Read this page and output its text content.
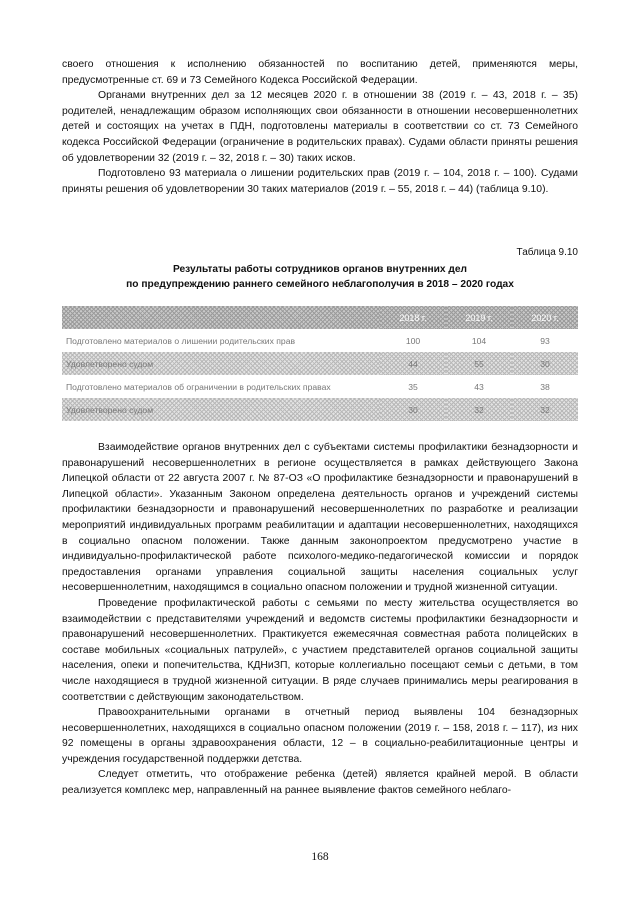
своего отношения к исполнению обязанностей по воспитанию детей, применяются меры, предусмотренные ст. 69 и 73 Семейного Кодекса Российской Федерации.

Органами внутренних дел за 12 месяцев 2020 г. в отношении 38 (2019 г. – 43, 2018 г. – 35) родителей, ненадлежащим образом исполняющих свои обязанности в отношении несовершеннолетних детей и состоящих на учетах в ПДН, подготовлены материалы в соответствии со ст. 73 Семейного кодекса Российской Федерации (ограничение в родительских правах). Судами области приняты решения об удовлетворении 32 (2019 г. – 32, 2018 г. – 30) таких исков.

Подготовлено 93 материала о лишении родительских прав (2019 г. – 104, 2018 г. – 100). Судами приняты решения об удовлетворении 30 таких материалов (2019 г. – 55, 2018 г. – 44) (таблица 9.10).

Таблица 9.10
Результаты работы сотрудников органов внутренних дел
по предупреждению раннего семейного неблагополучия в 2018 – 2020 годах
	2018 г.	2019 г.	2020 г.
Подготовлено материалов о лишении родительских прав	100	104	93
Удовлетворено судом	44	55	30
Подготовлено материалов об ограничении в родительских правах	35	43	38
Удовлетворено судом	30	32	32

Взаимодействие органов внутренних дел с субъектами системы профилактики безнадзорности и правонарушений несовершеннолетних в регионе осуществляется в рамках действующего Закона Липецкой области от 22 августа 2007 г. № 87-ОЗ «О профилактике безнадзорности и правонарушений в Липецкой области». Указанным Законом определена деятельность органов и учреждений системы профилактики безнадзорности и правонарушений несовершеннолетних по разработке и реализации мероприятий индивидуальных программ реабилитации и адаптации несовершеннолетних, находящихся в социально опасном положении. Также данным законопроектом предусмотрено участие в индивидуально-профилактической работе психолого-медико-педагогической комиссии и порядок предоставления органами управления социальной защиты населения социальных услуг несовершеннолетним, находящимся в социально опасном положении и трудной жизненной ситуации.

Проведение профилактической работы с семьями по месту жительства осуществляется во взаимодействии с представителями учреждений и ведомств системы профилактики безнадзорности и правонарушений несовершеннолетних. Практикуется ежемесячная совместная работа полицейских в составе мобильных «социальных патрулей», с участием представителей органов социальной защиты населения, опеки и попечительства, КДНиЗП, которые коллегиально посещают семьи с детьми, в том числе находящиеся в трудной жизненной ситуации. В ряде случаев принимались меры реагирования в соответствии с действующим законодательством.

Правоохранительными органами в отчетный период выявлены 104 безнадзорных несовершеннолетних, находящихся в социально опасном положении (2019 г. – 158, 2018 г. – 117), из них 92 помещены в органы здравоохранения области, 12 – в социально-реабилитационные центры и учреждения государственной поддержки детства.

Следует отметить, что отображение ребенка (детей) является крайней мерой. В области реализуется комплекс мер, направленный на раннее выявление фактов семейного неблаго-

168
